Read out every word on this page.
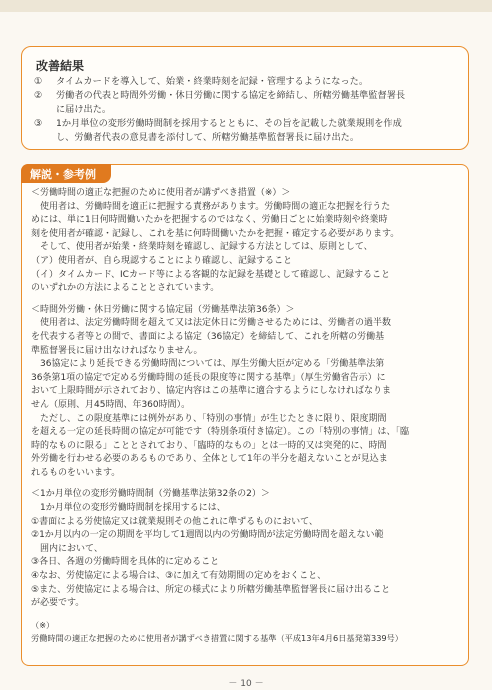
改善結果
① タイムカードを導入して、始業・終業時刻を記録・管理するようになった。
② 労働者の代表と時間外労働・休日労働に関する協定を締結し、所轄労働基準監督署長
に届け出た。
③ 1か月単位の変形労働時間制を採用するとともに、その旨を記載した就業規則を作成
し、労働者代表の意見書を添付して、所轄労働基準監督署長に届け出た。
解説・参考例
＜労働時間の適正な把握のために使用者が講ずべき措置（※）＞
　使用者は、労働時間を適正に把握する責務があります。労働時間の適正な把握を行うた
めには、単に1日何時間働いたかを把握するのではなく、労働日ごとに始業時刻や終業時
刻を使用者が確認・記録し、これを基に何時間働いたかを把握・確定する必要があります。
　そして、使用者が始業・終業時刻を確認し、記録する方法としては、原則として、
（ア）使用者が、自ら現認することにより確認し、記録すること
（イ）タイムカード、ICカード等による客観的な記録を基礎として確認し、記録すること
のいずれかの方法によることとされています。
＜時間外労働・休日労働に関する協定届（労働基準法第36条）＞
　使用者は、法定労働時間を超えて又は法定休日に労働させるためには、労働者の過半数
を代表する者等との間で、書面による協定（36協定）を締結して、これを所轄の労働基
準監督署長に届け出なければなりません。
　36協定により延長できる労働時間については、厚生労働大臣が定める「労働基準法第
36条第1項の協定で定める労働時間の延長の限度等に関する基準」（厚生労働省告示）に
おいて上限時間が示されており、協定内容はこの基準に適合するようにしなければなりま
せん（原則、月45時間、年360時間）。
　ただし、この限度基準には例外があり、「特別の事情」が生じたときに限り、限度期間
を超える一定の延長時間の協定が可能です（特別条項付き協定）。この「特別の事情」は、「臨
時的なものに限る」こととされており、「臨時的なもの」とは一時的又は突発的に、時間
外労働を行わせる必要のあるものであり、全体として1年の半分を超えないことが見込ま
れるものをいいます。
＜1か月単位の変形労働時間制（労働基準法第32条の2）＞
　1か月単位の変形労働時間制を採用するには、
①書面による労使協定又は就業規則その他これに準ずるものにおいて、
②1か月以内の一定の期間を平均して1週間以内の労働時間が法定労働時間を超えない範
　囲内において、
③各日、各週の労働時間を具体的に定めること
④なお、労使協定による場合は、③に加えて有効期間の定めをおくこと、
⑤また、労使協定による場合は、所定の様式により所轄労働基準監督署長に届け出ること
が必要です。
（※）
労働時間の適正な把握のために使用者が講ずべき措置に関する基準（平成13年4月6日基発第339号）
－ 10 －
